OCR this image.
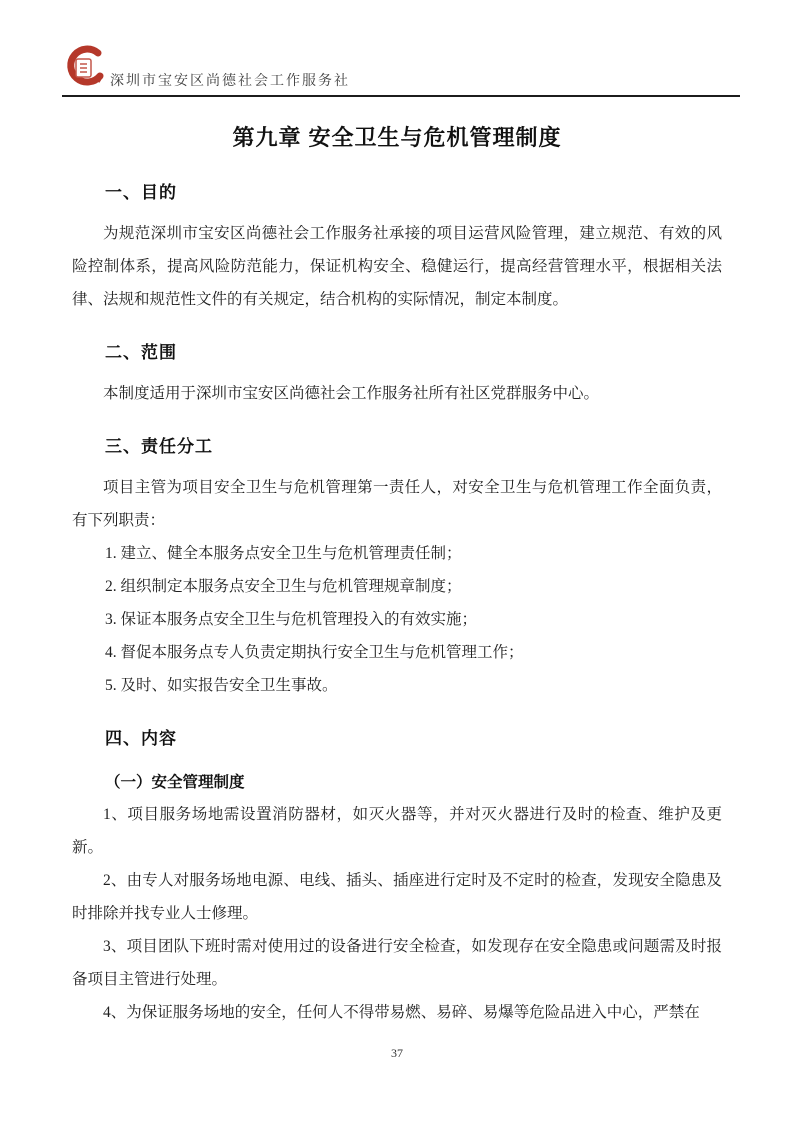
深圳市宝安区尚德社会工作服务社
第九章 安全卫生与危机管理制度
一、目的

为规范深圳市宝安区尚德社会工作服务社承接的项目运营风险管理，建立规范、有效的风险控制体系，提高风险防范能力，保证机构安全、稳健运行，提高经营管理水平，根据相关法律、法规和规范性文件的有关规定，结合机构的实际情况，制定本制度。

二、范围

本制度适用于深圳市宝安区尚德社会工作服务社所有社区党群服务中心。

三、责任分工

项目主管为项目安全卫生与危机管理第一责任人，对安全卫生与危机管理工作全面负责，有下列职责：

1. 建立、健全本服务点安全卫生与危机管理责任制；
2. 组织制定本服务点安全卫生与危机管理规章制度；
3. 保证本服务点安全卫生与危机管理投入的有效实施；
4. 督促本服务点专人负责定期执行安全卫生与危机管理工作；
5. 及时、如实报告安全卫生事故。
四、内容
（一）安全管理制度

1、项目服务场地需设置消防器材，如灭火器等，并对灭火器进行及时的检查、维护及更新。

2、由专人对服务场地电源、电线、插头、插座进行定时及不定时的检查，发现安全隐患及时排除并找专业人士修理。

3、项目团队下班时需对使用过的设备进行安全检查，如发现存在安全隐患或问题需及时报备项目主管进行处理。

4、为保证服务场地的安全，任何人不得带易燃、易碎、易爆等危险品进入中心，严禁在

37
